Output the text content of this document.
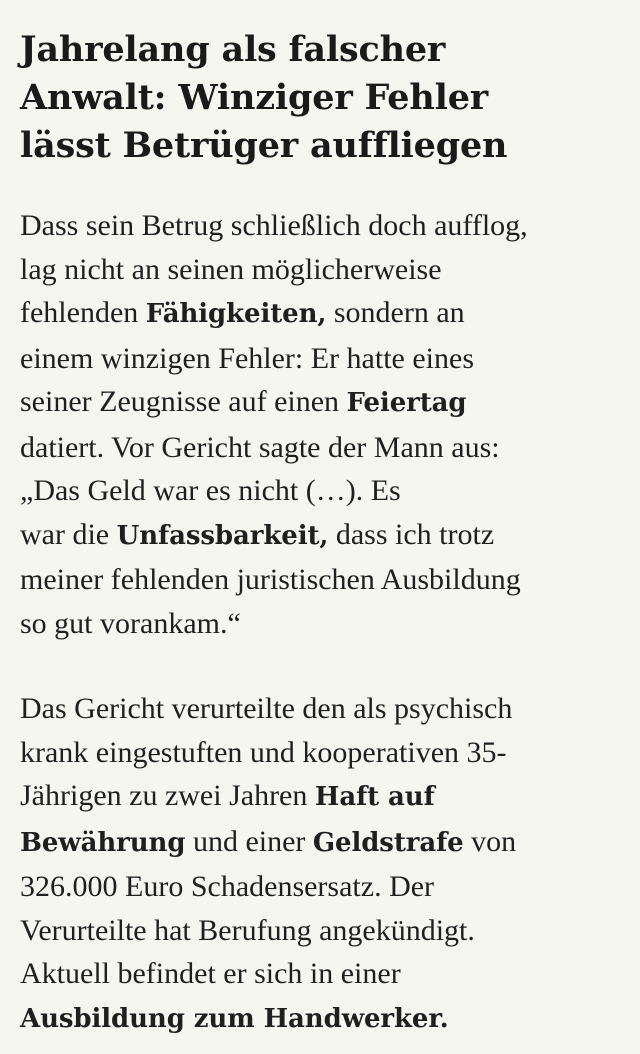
Jahrelang als falscher
Anwalt: Winziger Fehler
lässt Betrüger auffliegen

Dass sein Betrug schließlich doch aufflog,
lag nicht an seinen möglicherweise
fehlenden Fähigkeiten, sondern an
einem winzigen Fehler: Er hatte eines
seiner Zeugnisse auf einen Feiertag
datiert. Vor Gericht sagte der Mann aus:
„Das Geld war es nicht (…). Es
war die Unfassbarkeit, dass ich trotz
meiner fehlenden juristischen Ausbildung
so gut vorankam.“

Das Gericht verurteilte den als psychisch
krank eingestuften und kooperativen 35-
Jährigen zu zwei Jahren Haft auf
Bewährung und einer Geldstrafe von
326.000 Euro Schadensersatz. Der
Verurteilte hat Berufung angekündigt.
Aktuell befindet er sich in einer
Ausbildung zum Handwerker.
